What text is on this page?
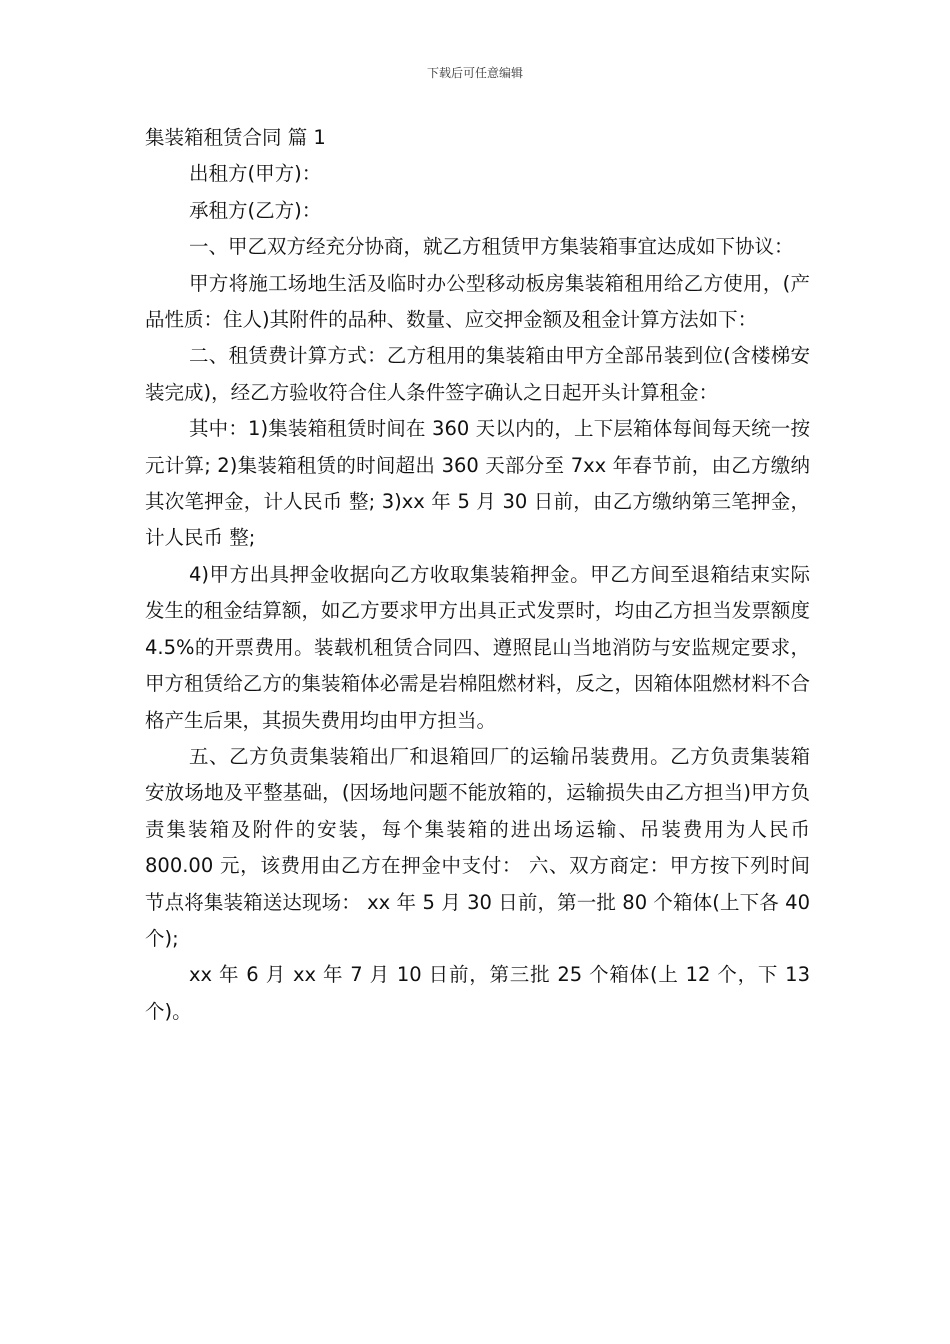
下载后可任意编辑

集装箱租赁合同 篇 1

出租方(甲方)：

承租方(乙方)：

一、甲乙双方经充分协商，就乙方租赁甲方集装箱事宜达成如下协议：

甲方将施工场地生活及临时办公型移动板房集装箱租用给乙方使用，(产品性质：住人)其附件的品种、数量、应交押金额及租金计算方法如下：

二、租赁费计算方式：乙方租用的集装箱由甲方全部吊装到位(含楼梯安装完成)，经乙方验收符合住人条件签字确认之日起开头计算租金：

其中：1)集装箱租赁时间在 360 天以内的，上下层箱体每间每天统一按 元计算; 2)集装箱租赁的时间超出 360 天部分至 7xx 年春节前，由乙方缴纳其次笔押金，计人民币 整; 3)xx 年 5 月 30 日前，由乙方缴纳第三笔押金，计人民币 整;

4)甲方出具押金收据向乙方收取集装箱押金。甲乙方间至退箱结束实际发生的租金结算额，如乙方要求甲方出具正式发票时，均由乙方担当发票额度 4.5%的开票费用。装载机租赁合同四、遵照昆山当地消防与安监规定要求，甲方租赁给乙方的集装箱体必需是岩棉阻燃材料，反之，因箱体阻燃材料不合格产生后果，其损失费用均由甲方担当。

五、乙方负责集装箱出厂和退箱回厂的运输吊装费用。乙方负责集装箱安放场地及平整基础，(因场地问题不能放箱的，运输损失由乙方担当)甲方负责集装箱及附件的安装，每个集装箱的进出场运输、吊装费用为人民币 800.00 元，该费用由乙方在押金中支付： 六、双方商定：甲方按下列时间节点将集装箱送达现场： xx 年 5 月 30 日前，第一批 80 个箱体(上下各 40 个);

xx 年 6 月 xx 年 7 月 10 日前，第三批 25 个箱体(上 12 个，下 13 个)。
